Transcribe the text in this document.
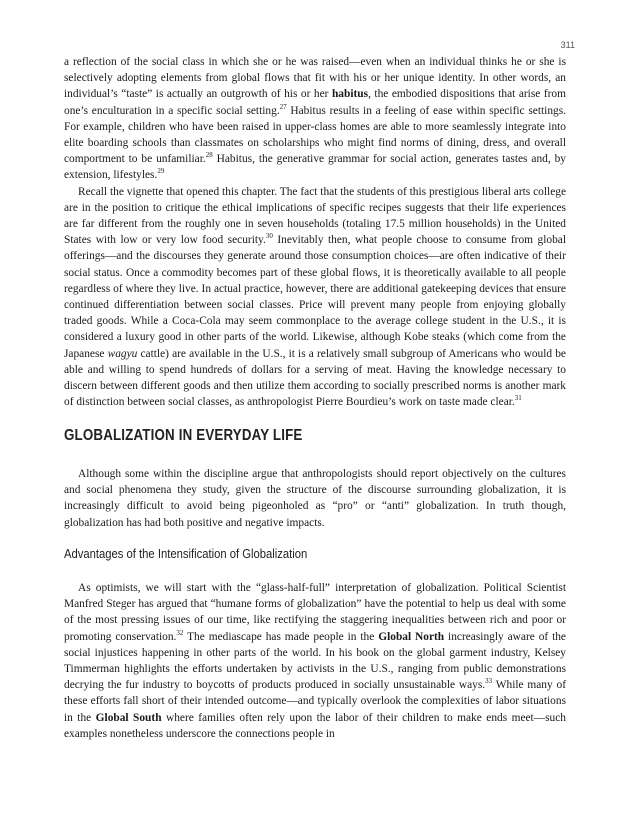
311

a reflection of the social class in which she or he was raised—even when an individual thinks he or she is selectively adopting elements from global flows that fit with his or her unique identity. In other words, an individual’s “taste” is actually an outgrowth of his or her habitus, the embodied dispositions that arise from one’s enculturation in a specific social setting.$^{27}$ Habitus results in a feeling of ease within specific settings. For example, children who have been raised in upper-class homes are able to more seamlessly integrate into elite boarding schools than classmates on scholarships who might find norms of dining, dress, and overall comportment to be unfamiliar.$^{28}$ Habitus, the generative grammar for social action, generates tastes and, by extension, lifestyles.$^{29}$

Recall the vignette that opened this chapter. The fact that the students of this prestigious liberal arts college are in the position to critique the ethical implications of specific recipes suggests that their life experiences are far different from the roughly one in seven households (totaling 17.5 million households) in the United States with low or very low food security.$^{30}$ Inevitably then, what people choose to consume from global offerings—and the discourses they generate around those consumption choices—are often indicative of their social status. Once a commodity becomes part of these global flows, it is theoretically available to all people regardless of where they live. In actual practice, however, there are additional gatekeeping devices that ensure continued differentiation between social classes. Price will prevent many people from enjoying globally traded goods. While a Coca-Cola may seem commonplace to the average college student in the U.S., it is considered a luxury good in other parts of the world. Likewise, although Kobe steaks (which come from the Japanese wagyu cattle) are available in the U.S., it is a relatively small subgroup of Americans who would be able and willing to spend hundreds of dollars for a serving of meat. Having the knowledge necessary to discern between different goods and then utilize them according to socially prescribed norms is another mark of distinction between social classes, as anthropologist Pierre Bourdieu’s work on taste made clear.$^{31}$

GLOBALIZATION IN EVERYDAY LIFE

Although some within the discipline argue that anthropologists should report objectively on the cultures and social phenomena they study, given the structure of the discourse surrounding globalization, it is increasingly difficult to avoid being pigeonholed as “pro” or “anti” globalization. In truth though, globalization has had both positive and negative impacts.

Advantages of the Intensification of Globalization

As optimists, we will start with the “glass-half-full” interpretation of globalization. Political Scientist Manfred Steger has argued that “humane forms of globalization” have the potential to help us deal with some of the most pressing issues of our time, like rectifying the staggering inequalities between rich and poor or promoting conservation.$^{32}$ The mediascape has made people in the Global North increasingly aware of the social injustices happening in other parts of the world. In his book on the global garment industry, Kelsey Timmerman highlights the efforts undertaken by activists in the U.S., ranging from public demonstrations decrying the fur industry to boycotts of products produced in socially unsustainable ways.$^{33}$ While many of these efforts fall short of their intended outcome—and typically overlook the complexities of labor situations in the Global South where families often rely upon the labor of their children to make ends meet—such examples nonetheless underscore the connections people in
